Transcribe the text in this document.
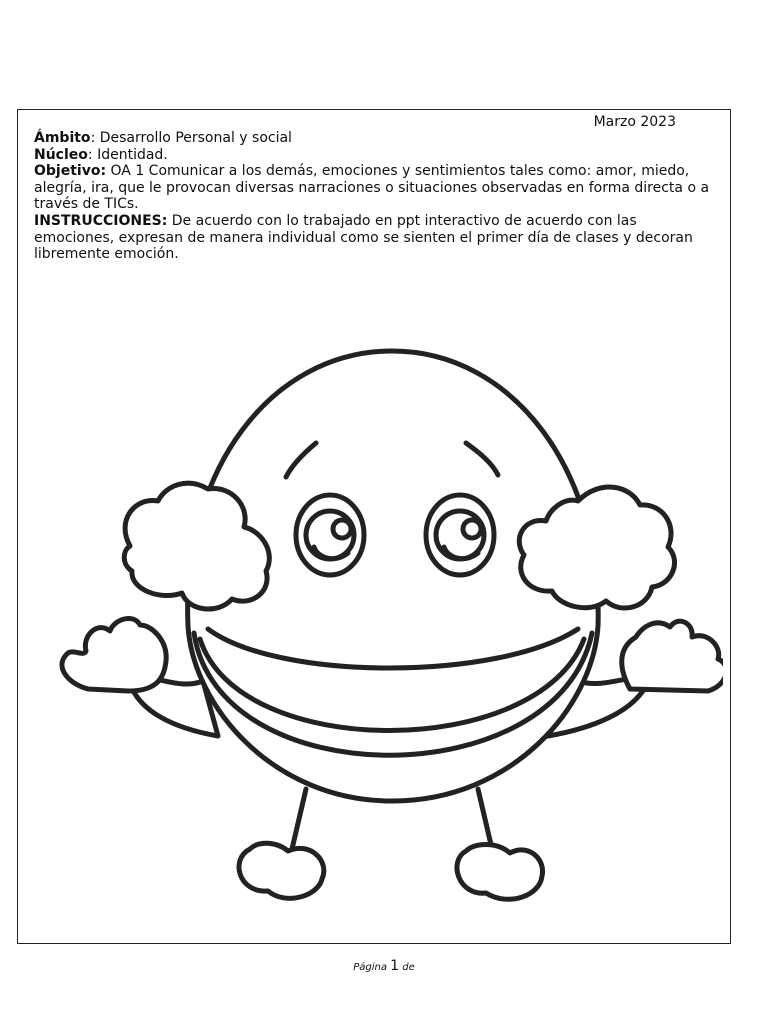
Marzo 2023

Ámbito: Desarrollo Personal y social

Núcleo: Identidad.

Objetivo: OA 1 Comunicar a los demás, emociones y sentimientos tales como: amor, miedo, alegría, ira, que le provocan diversas narraciones o situaciones observadas en forma directa o a través de TICs.

INSTRUCCIONES: De acuerdo con lo trabajado en ppt interactivo de acuerdo con las emociones, expresan de manera individual como se sienten el primer día de clases y decoran libremente emoción.

Página 1 de
